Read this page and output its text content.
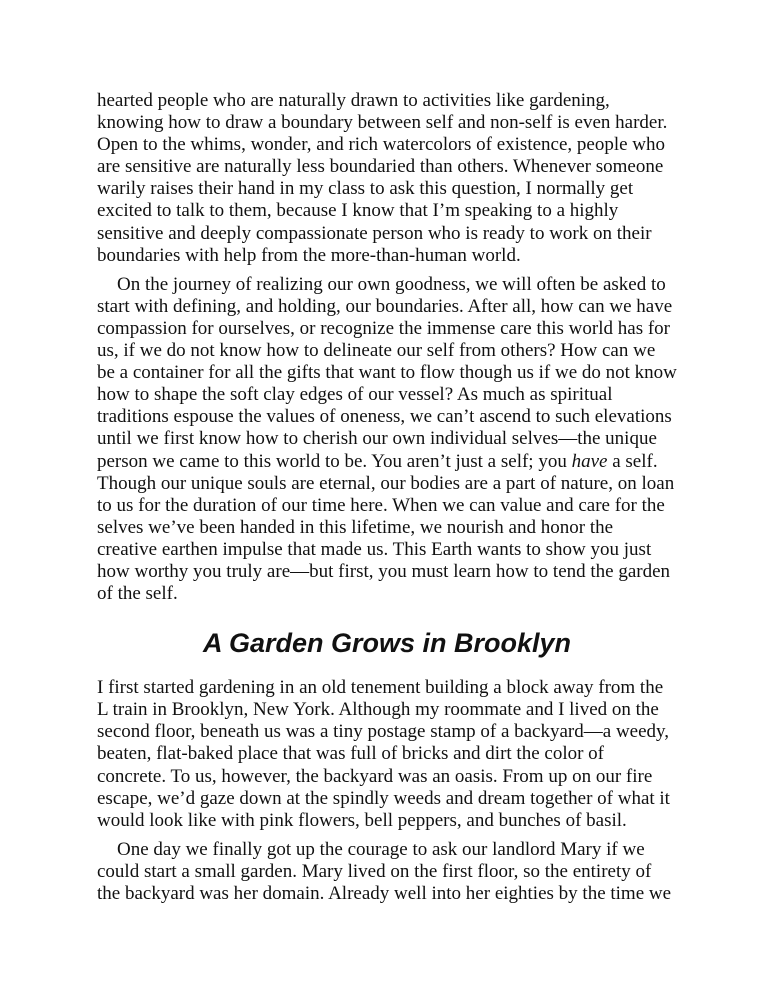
hearted people who are naturally drawn to activities like gardening,
knowing how to draw a boundary between self and non-self is even harder.
Open to the whims, wonder, and rich watercolors of existence, people who
are sensitive are naturally less boundaried than others. Whenever someone
warily raises their hand in my class to ask this question, I normally get
excited to talk to them, because I know that I’m speaking to a highly
sensitive and deeply compassionate person who is ready to work on their
boundaries with help from the more-than-human world.

On the journey of realizing our own goodness, we will often be asked to
start with defining, and holding, our boundaries. After all, how can we have
compassion for ourselves, or recognize the immense care this world has for
us, if we do not know how to delineate our self from others? How can we
be a container for all the gifts that want to flow though us if we do not know
how to shape the soft clay edges of our vessel? As much as spiritual
traditions espouse the values of oneness, we can’t ascend to such elevations
until we first know how to cherish our own individual selves—the unique
person we came to this world to be. You aren’t just a self; you have a self.
Though our unique souls are eternal, our bodies are a part of nature, on loan
to us for the duration of our time here. When we can value and care for the
selves we’ve been handed in this lifetime, we nourish and honor the
creative earthen impulse that made us. This Earth wants to show you just
how worthy you truly are—but first, you must learn how to tend the garden
of the self.

A Garden Grows in Brooklyn

I first started gardening in an old tenement building a block away from the
L train in Brooklyn, New York. Although my roommate and I lived on the
second floor, beneath us was a tiny postage stamp of a backyard—a weedy,
beaten, flat-baked place that was full of bricks and dirt the color of
concrete. To us, however, the backyard was an oasis. From up on our fire
escape, we’d gaze down at the spindly weeds and dream together of what it
would look like with pink flowers, bell peppers, and bunches of basil.

One day we finally got up the courage to ask our landlord Mary if we
could start a small garden. Mary lived on the first floor, so the entirety of
the backyard was her domain. Already well into her eighties by the time we
